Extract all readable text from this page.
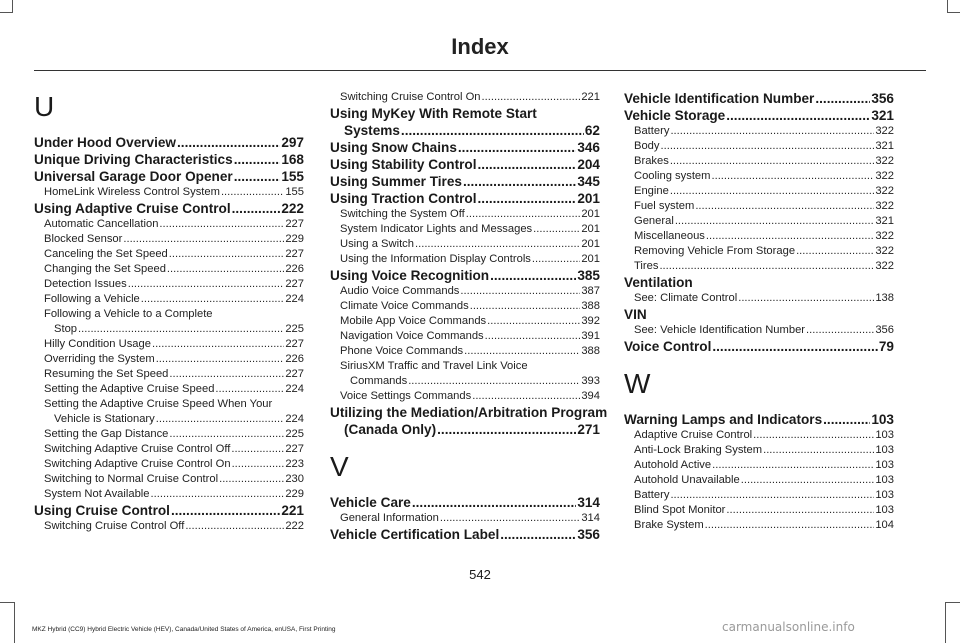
Index
U
Under Hood Overview .....	297
Unique Driving Characteristics .....	168
Universal Garage Door Opener .....	155
HomeLink Wireless Control System .....	155
Using Adaptive Cruise Control .....	222
Automatic Cancellation .....	227
Blocked Sensor .....	229
Canceling the Set Speed .....	227
Changing the Set Speed .....	226
Detection Issues .....	227
Following a Vehicle .....	224
Following a Vehicle to a Complete
Stop .....	225
Hilly Condition Usage .....	227
Overriding the System .....	226
Resuming the Set Speed .....	227
Setting the Adaptive Cruise Speed .....	224
Setting the Adaptive Cruise Speed When Your
Vehicle is Stationary .....	224
Setting the Gap Distance .....	225
Switching Adaptive Cruise Control Off .....	227
Switching Adaptive Cruise Control On .....	223
Switching to Normal Cruise Control .....	230
System Not Available .....	229
Using Cruise Control .....	221
Switching Cruise Control Off .....	222
Switching Cruise Control On .....	221
Using MyKey With Remote Start
Systems .....	62
Using Snow Chains .....	346
Using Stability Control .....	204
Using Summer Tires .....	345
Using Traction Control .....	201
Switching the System Off .....	201
System Indicator Lights and Messages .....	201
Using a Switch .....	201
Using the Information Display Controls .....	201
Using Voice Recognition .....	385
Audio Voice Commands .....	387
Climate Voice Commands .....	388
Mobile App Voice Commands .....	392
Navigation Voice Commands .....	391
Phone Voice Commands .....	388
SiriusXM Traffic and Travel Link Voice
Commands .....	393
Voice Settings Commands .....	394
Utilizing the Mediation/Arbitration Program
(Canada Only) .....	271
V
Vehicle Care .....	314
General Information .....	314
Vehicle Certification Label .....	356
Vehicle Identification Number .....	356
Vehicle Storage .....	321
Battery .....	322
Body .....	321
Brakes .....	322
Cooling system .....	322
Engine .....	322
Fuel system .....	322
General .....	321
Miscellaneous .....	322
Removing Vehicle From Storage .....	322
Tires .....	322
Ventilation
See: Climate Control .....	138
VIN
See: Vehicle Identification Number .....	356
Voice Control .....	79
W
Warning Lamps and Indicators .....	103
Adaptive Cruise Control .....	103
Anti-Lock Braking System .....	103
Autohold Active .....	103
Autohold Unavailable .....	103
Battery .....	103
Blind Spot Monitor .....	103
Brake System .....	104
542
MKZ Hybrid (CC9) Hybrid Electric Vehicle (HEV), Canada/United States of America, enUSA, First Printing	carmanualsonline.info
